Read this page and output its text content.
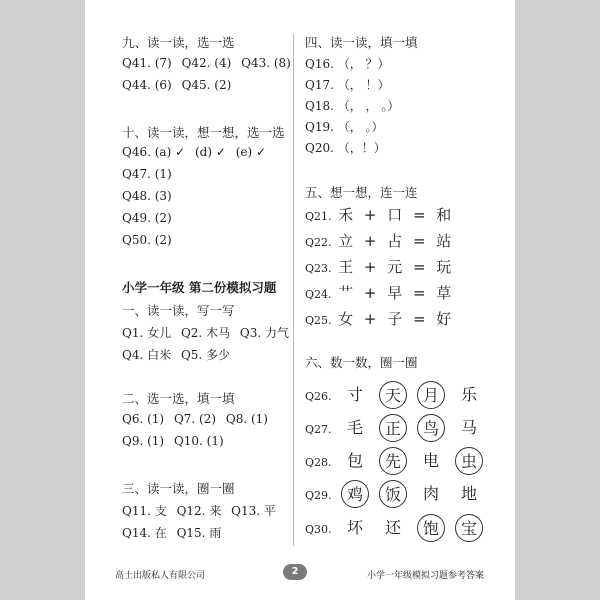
九、读一读，选一选
Q41. (7) Q42. (4) Q43. (8)
Q44. (6) Q45. (2)
十、读一读，想一想，选一选
Q46. (a) ✓ (d) ✓ (e) ✓
Q47. (1)
Q48. (3)
Q49. (2)
Q50. (2)
小学一年级 第二份模拟习题
一、读一读，写一写
Q1. 女儿 Q2. 木马 Q3. 力气
Q4. 白米 Q5. 多少
二、选一选，填一填
Q6. (1) Q7. (2) Q8. (1)
Q9. (1) Q10. (1)
三、读一读，圈一圈
Q11. 支 Q12. 来 Q13. 平
Q14. 在 Q15. 雨
四、读一读，填一填
Q16. （， ？）
Q17. （， ！）
Q18. （， ， 。）
Q19. （， 。）
Q20. （，！）
五、想一想，连一连
Q21. 禾 + 口 = 和
Q22. 立 + 占 = 站
Q23. 王 + 元 = 玩
Q24. 艹 + 早 = 草
Q25. 女 + 子 = 好
六、数一数，圈一圈
Q26. 寸	天	月	乐
Q27. 毛	正	鸟	马
Q28. 包	先	电	虫
Q29. 鸡	饭	肉	地
Q30. 坏	还	饱	宝
高士出版私人有限公司	2	小学一年级模拟习题参考答案
